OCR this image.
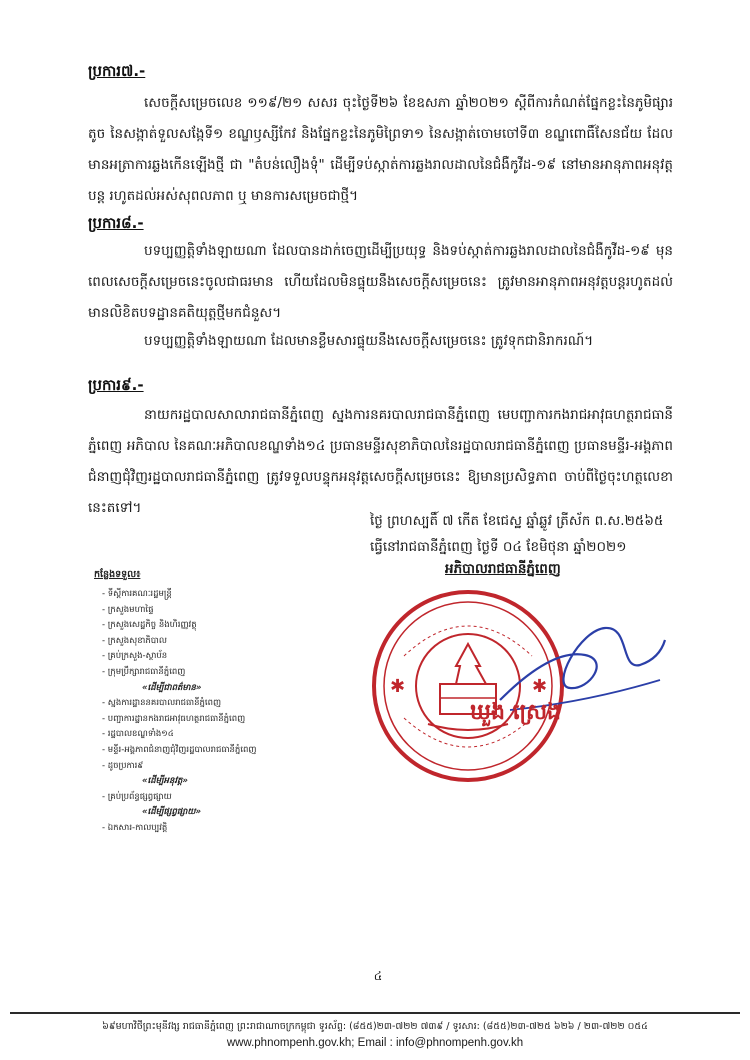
ប្រការ៧.-
សេចក្តីសម្រេចលេខ ១១៩/២១ សសរ ចុះថ្ងៃទី២៦ ខែឧសភា ឆ្នាំ២០២១ ស្តីពីការកំណត់ផ្នែកខ្លះនៃភូមិផ្សារតូច នៃសង្កាត់ទួលសង្កែទី១ ខណ្ឌឫស្សីកែវ និងផ្នែកខ្លះនៃភូមិព្រៃទា១ នៃសង្កាត់ចោមចៅទី៣ ខណ្ឌពោធិ៍សែនជ័យ ដែលមានអត្រាការឆ្លងកើនឡើងថ្មី ជា "តំបន់លឿងទុំ" ដើម្បីទប់ស្កាត់ការឆ្លងរាលដាលនៃជំងឺកូវីដ-១៩ នៅមានអានុភាពអនុវត្តបន្ត រហូតដល់អស់សុពលភាព ឬ មានការសម្រេចជាថ្មី។
ប្រការ៨.-
បទប្បញ្ញត្តិទាំងឡាយណា ដែលបានដាក់ចេញដើម្បីប្រយុទ្ធ និងទប់ស្កាត់ការឆ្លងរាលដាលនៃជំងឺកូវីដ-១៩ មុនពេលសេចក្តីសម្រេចនេះចូលជាធរមាន ហើយដែលមិនផ្ទុយនឹងសេចក្តីសម្រេចនេះ ត្រូវមានអានុភាពអនុវត្តបន្តរហូតដល់មានលិខិតបទដ្ឋានគតិយុត្តថ្មីមកជំនួស។
បទប្បញ្ញត្តិទាំងឡាយណា ដែលមានខ្លឹមសារផ្ទុយនឹងសេចក្តីសម្រេចនេះ ត្រូវទុកជានិរាករណ៍។
ប្រការ៩.-
នាយករដ្ឋបាលសាលារាជធានីភ្នំពេញ ស្នងការនគរបាលរាជធានីភ្នំពេញ មេបញ្ជាការកងរាជអាវុធហត្ថរាជធានីភ្នំពេញ អភិបាល នៃគណៈអភិបាលខណ្ឌទាំង១៤ ប្រធានមន្ទីរសុខាភិបាលនៃរដ្ឋបាលរាជធានីភ្នំពេញ ប្រធានមន្ទីរ-អង្គភាពជំនាញជុំវិញរដ្ឋបាលរាជធានីភ្នំពេញ ត្រូវទទួលបន្ទុកអនុវត្តសេចក្តីសម្រេចនេះ ឱ្យមានប្រសិទ្ធភាព ចាប់ពីថ្ងៃចុះហត្ថលេខានេះតទៅ។
ថ្ងៃ ព្រហស្បតិ៍ ៧ កើត ខែជេស្ឋ ឆ្នាំឆ្លូវ ត្រីស័ក ព.ស.២៥៦៥
ធ្វើនៅរាជធានីភ្នំពេញ ថ្ងៃទី ០៤ ខែមិថុនា ឆ្នាំ២០២១
✱	✱
អភិបាលរាជធានីភ្នំពេញ
ឃួង ស្រេង
កន្លែងទទួល៖
- ទីស្តីការគណៈរដ្ឋមន្ត្រី
- ក្រសួងមហាផ្ទៃ
- ក្រសួងសេដ្ឋកិច្ច និងហិរញ្ញវត្ថុ
- ក្រសួងសុខាភិបាល
- គ្រប់ក្រសួង-ស្ថាប័ន
- ក្រុមប្រឹក្សារាជធានីភ្នំពេញ
«ដើម្បីជាពត៌មាន»
- ស្នងការដ្ឋាននគរបាលរាជធានីភ្នំពេញ
- បញ្ជាការដ្ឋានកងរាជអាវុធហត្ថរាជធានីភ្នំពេញ
- រដ្ឋបាលខណ្ឌទាំង១៤
- មន្ទីរ-អង្គភាពជំនាញជុំវិញរដ្ឋបាលរាជធានីភ្នំពេញ
- ដូចប្រការ៩
«ដើម្បីអនុវត្ត»
- គ្រប់ប្រព័ន្ធផ្សព្វផ្សាយ
«ដើម្បីផ្សព្វផ្សាយ»
- ឯកសារ-កាលប្បវត្តិ
៤
៦៩មហាវិថីព្រះមុនីវង្ស រាជធានីភ្នំពេញ ព្រះរាជាណាចក្រកម្ពុជា ទូរស័ព្ទ: (៨៥៥)២៣-៧២២ ៧៣៩ / ទូរសារ: (៨៥៥)២៣-៧២៥ ៦២៦ / ២៣-៧២២ ០៥៤
www.phnompenh.gov.kh; Email : info@phnompenh.gov.kh
